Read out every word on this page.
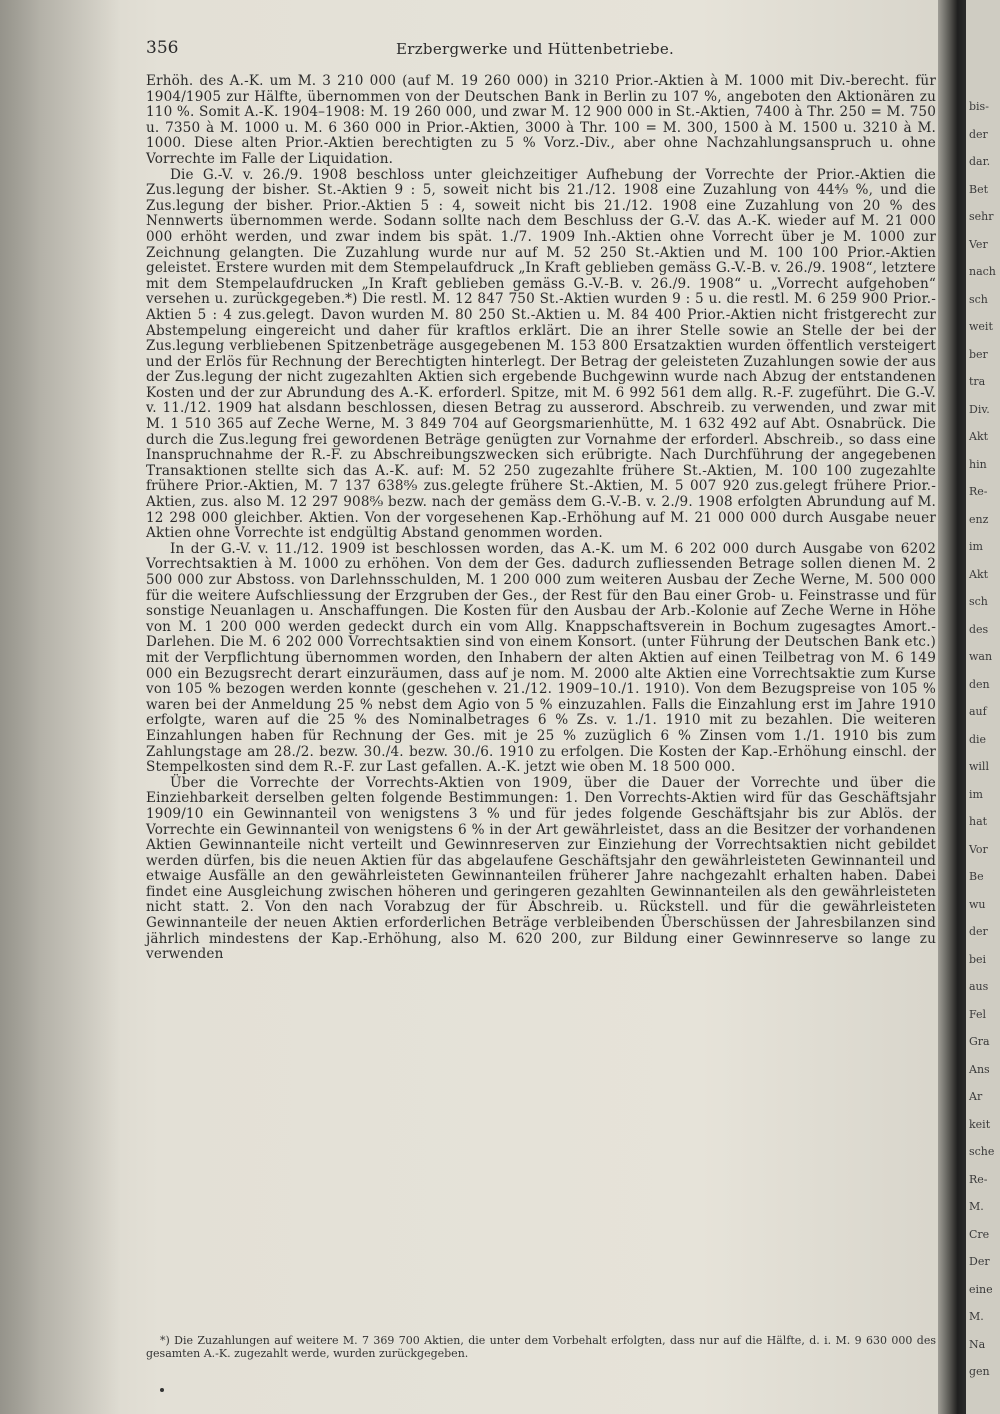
356	Erzbergwerke und Hüttenbetriebe.

Erhöh. des A.-K. um M. 3 210 000 (auf M. 19 260 000) in 3210 Prior.-Aktien à M. 1000 mit Div.-berecht. für 1904/1905 zur Hälfte, übernommen von der Deutschen Bank in Berlin zu 107 %, angeboten den Aktionären zu 110 %. Somit A.-K. 1904–1908: M. 19 260 000, und zwar M. 12 900 000 in St.-Aktien, 7400 à Thr. 250 = M. 750 u. 7350 à M. 1000 u. M. 6 360 000 in Prior.-Aktien, 3000 à Thr. 100 = M. 300, 1500 à M. 1500 u. 3210 à M. 1000. Diese alten Prior.-Aktien berechtigten zu 5 % Vorz.-Div., aber ohne Nachzahlungsanspruch u. ohne Vorrechte im Falle der Liquidation.

Die G.-V. v. 26./9. 1908 beschloss unter gleichzeitiger Aufhebung der Vorrechte der Prior.-Aktien die Zus.legung der bisher. St.-Aktien 9 : 5, soweit nicht bis 21./12. 1908 eine Zuzahlung von 44⁴⁄₉ %, und die Zus.legung der bisher. Prior.-Aktien 5 : 4, soweit nicht bis 21./12. 1908 eine Zuzahlung von 20 % des Nennwerts übernommen werde. Sodann sollte nach dem Beschluss der G.-V. das A.-K. wieder auf M. 21 000 000 erhöht werden, und zwar indem bis spät. 1./7. 1909 Inh.-Aktien ohne Vorrecht über je M. 1000 zur Zeichnung gelangten. Die Zuzahlung wurde nur auf M. 52 250 St.-Aktien und M. 100 100 Prior.-Aktien geleistet. Erstere wurden mit dem Stempelaufdruck „In Kraft geblieben gemäss G.-V.-B. v. 26./9. 1908“, letztere mit dem Stempelaufdrucken „In Kraft geblieben gemäss G.-V.-B. v. 26./9. 1908“ u. „Vorrecht aufgehoben“ versehen u. zurückgegeben.*) Die restl. M. 12 847 750 St.-Aktien wurden 9 : 5 u. die restl. M. 6 259 900 Prior.-Aktien 5 : 4 zus.gelegt. Davon wurden M. 80 250 St.-Aktien u. M. 84 400 Prior.-Aktien nicht fristgerecht zur Abstempelung eingereicht und daher für kraftlos erklärt. Die an ihrer Stelle sowie an Stelle der bei der Zus.legung verbliebenen Spitzenbeträge ausgegebenen M. 153 800 Ersatzaktien wurden öffentlich versteigert und der Erlös für Rechnung der Berechtigten hinterlegt. Der Betrag der geleisteten Zuzahlungen sowie der aus der Zus.legung der nicht zugezahlten Aktien sich ergebende Buchgewinn wurde nach Abzug der entstandenen Kosten und der zur Abrundung des A.-K. erforderl. Spitze, mit M. 6 992 561 dem allg. R.-F. zugeführt. Die G.-V. v. 11./12. 1909 hat alsdann beschlossen, diesen Betrag zu ausserord. Abschreib. zu verwenden, und zwar mit M. 1 510 365 auf Zeche Werne, M. 3 849 704 auf Georgsmarienhütte, M. 1 632 492 auf Abt. Osnabrück. Die durch die Zus.legung frei gewordenen Beträge genügten zur Vornahme der erforderl. Abschreib., so dass eine Inanspruchnahme der R.-F. zu Abschreibungszwecken sich erübrigte. Nach Durchführung der angegebenen Transaktionen stellte sich das A.-K. auf: M. 52 250 zugezahlte frühere St.-Aktien, M. 100 100 zugezahlte frühere Prior.-Aktien, M. 7 137 638⁸⁄₉ zus.gelegte frühere St.-Aktien, M. 5 007 920 zus.gelegt frühere Prior.-Aktien, zus. also M. 12 297 908⁸⁄₉ bezw. nach der gemäss dem G.-V.-B. v. 2./9. 1908 erfolgten Abrundung auf M. 12 298 000 gleichber. Aktien. Von der vorgesehenen Kap.-Erhöhung auf M. 21 000 000 durch Ausgabe neuer Aktien ohne Vorrechte ist endgültig Abstand genommen worden.

In der G.-V. v. 11./12. 1909 ist beschlossen worden, das A.-K. um M. 6 202 000 durch Ausgabe von 6202 Vorrechtsaktien à M. 1000 zu erhöhen. Von dem der Ges. dadurch zufliessenden Betrage sollen dienen M. 2 500 000 zur Abstoss. von Darlehnsschulden, M. 1 200 000 zum weiteren Ausbau der Zeche Werne, M. 500 000 für die weitere Aufschliessung der Erzgruben der Ges., der Rest für den Bau einer Grob- u. Feinstrasse und für sonstige Neuanlagen u. Anschaffungen. Die Kosten für den Ausbau der Arb.-Kolonie auf Zeche Werne in Höhe von M. 1 200 000 werden gedeckt durch ein vom Allg. Knappschaftsverein in Bochum zugesagtes Amort.-Darlehen. Die M. 6 202 000 Vorrechtsaktien sind von einem Konsort. (unter Führung der Deutschen Bank etc.) mit der Verpflichtung übernommen worden, den Inhabern der alten Aktien auf einen Teilbetrag von M. 6 149 000 ein Bezugsrecht derart einzuräumen, dass auf je nom. M. 2000 alte Aktien eine Vorrechtsaktie zum Kurse von 105 % bezogen werden konnte (geschehen v. 21./12. 1909–10./1. 1910). Von dem Bezugspreise von 105 % waren bei der Anmeldung 25 % nebst dem Agio von 5 % einzuzahlen. Falls die Einzahlung erst im Jahre 1910 erfolgte, waren auf die 25 % des Nominalbetrages 6 % Zs. v. 1./1. 1910 mit zu bezahlen. Die weiteren Einzahlungen haben für Rechnung der Ges. mit je 25 % zuzüglich 6 % Zinsen vom 1./1. 1910 bis zum Zahlungstage am 28./2. bezw. 30./4. bezw. 30./6. 1910 zu erfolgen. Die Kosten der Kap.-Erhöhung einschl. der Stempelkosten sind dem R.-F. zur Last gefallen. A.-K. jetzt wie oben M. 18 500 000.

Über die Vorrechte der Vorrechts-Aktien von 1909, über die Dauer der Vorrechte und über die Einziehbarkeit derselben gelten folgende Bestimmungen: 1. Den Vorrechts-Aktien wird für das Geschäftsjahr 1909/10 ein Gewinnanteil von wenigstens 3 % und für jedes folgende Geschäftsjahr bis zur Ablös. der Vorrechte ein Gewinnanteil von wenigstens 6 % in der Art gewährleistet, dass an die Besitzer der vorhandenen Aktien Gewinnanteile nicht verteilt und Gewinnreserven zur Einziehung der Vorrechtsaktien nicht gebildet werden dürfen, bis die neuen Aktien für das abgelaufene Geschäftsjahr den gewährleisteten Gewinnanteil und etwaige Ausfälle an den gewährleisteten Gewinnanteilen früherer Jahre nachgezahlt erhalten haben. Dabei findet eine Ausgleichung zwischen höheren und geringeren gezahlten Gewinnanteilen als den gewährleisteten nicht statt. 2. Von den nach Vorabzug der für Abschreib. u. Rückstell. und für die gewährleisteten Gewinnanteile der neuen Aktien erforderlichen Beträge verbleibenden Überschüssen der Jahresbilanzen sind jährlich mindestens der Kap.-Erhöhung, also M. 620 200, zur Bildung einer Gewinnreserve so lange zu verwenden

*) Die Zuzahlungen auf weitere M. 7 369 700 Aktien, die unter dem Vorbehalt erfolgten, dass nur auf die Hälfte, d. i. M. 9 630 000 des gesamten A.-K. zugezahlt werde, wurden zurückgegeben.

bis-
der
dar.
Bet
sehr
Ver
nach
sch
weit
ber
tra
Div.
Akt
hin
Re-
enz
im
Akt
sch
des
wan
den
auf
die
will
im
hat
Vor
Be
wu
der
bei
aus
Fel
Gra
Ans
Ar
keit
sche
Re-
M.
Cre
Der
eine
M.
Na
gen
